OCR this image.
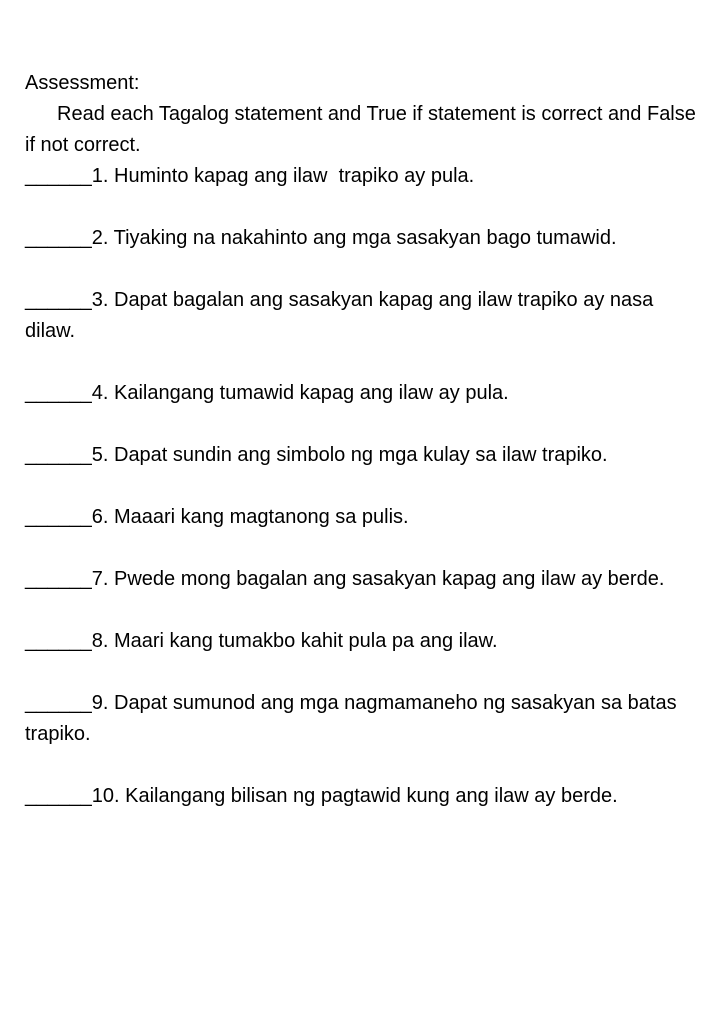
Assessment:

Read each Tagalog statement and True if statement is correct and False if not correct.

______1. Huminto kapag ang ilaw  trapiko ay pula.

______2. Tiyaking na nakahinto ang mga sasakyan bago tumawid.

______3. Dapat bagalan ang sasakyan kapag ang ilaw trapiko ay nasa dilaw.

______4. Kailangang tumawid kapag ang ilaw ay pula.

______5. Dapat sundin ang simbolo ng mga kulay sa ilaw trapiko.

______6. Maaari kang magtanong sa pulis.

______7. Pwede mong bagalan ang sasakyan kapag ang ilaw ay berde.

______8. Maari kang tumakbo kahit pula pa ang ilaw.

______9. Dapat sumunod ang mga nagmamaneho ng sasakyan sa batas trapiko.

______10. Kailangang bilisan ng pagtawid kung ang ilaw ay berde.
